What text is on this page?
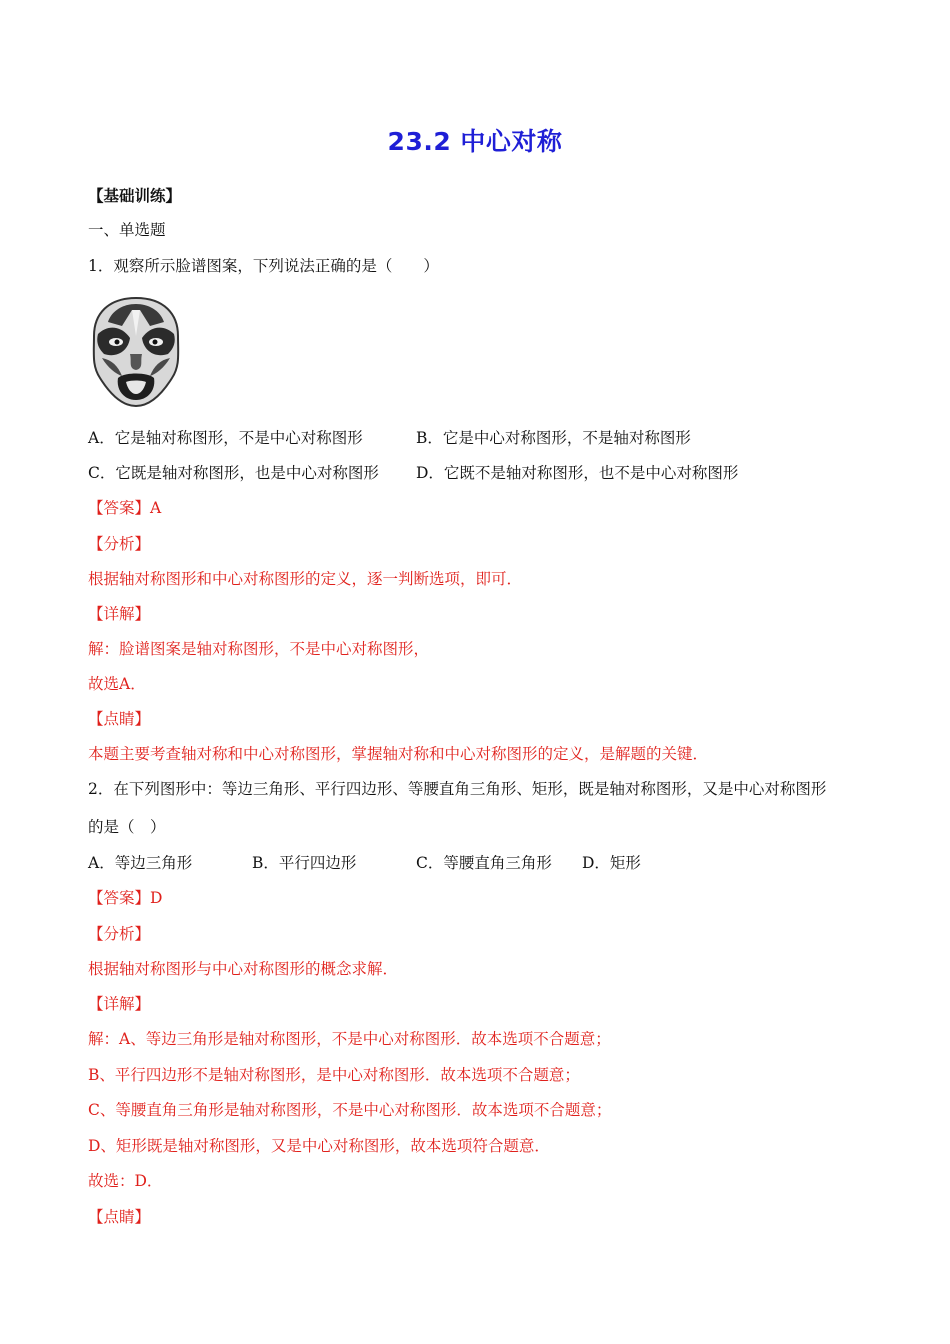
23.2 中心对称
【基础训练】
一、单选题
1．观察所示脸谱图案，下列说法正确的是（　　）
A．它是轴对称图形，不是中心对称图形	B．它是中心对称图形，不是轴对称图形
C．它既是轴对称图形，也是中心对称图形 D．它既不是轴对称图形，也不是中心对称图形
【答案】A
【分析】
根据轴对称图形和中心对称图形的定义，逐一判断选项，即可．
【详解】
解：脸谱图案是轴对称图形，不是中心对称图形，
故选A．
【点睛】
本题主要考查轴对称和中心对称图形，掌握轴对称和中心对称图形的定义，是解题的关键．
2．在下列图形中：等边三角形、平行四边形、等腰直角三角形、矩形，既是轴对称图形，又是中心对称图形
的是（　）
A．等边三角形	B．平行四边形	C．等腰直角三角形 D．矩形
【答案】D
【分析】
根据轴对称图形与中心对称图形的概念求解．
【详解】
解：A、等边三角形是轴对称图形，不是中心对称图形．故本选项不合题意；
B、平行四边形不是轴对称图形，是中心对称图形．故本选项不合题意；
C、等腰直角三角形是轴对称图形，不是中心对称图形．故本选项不合题意；
D、矩形既是轴对称图形，又是中心对称图形，故本选项符合题意．
故选：D．
【点睛】
